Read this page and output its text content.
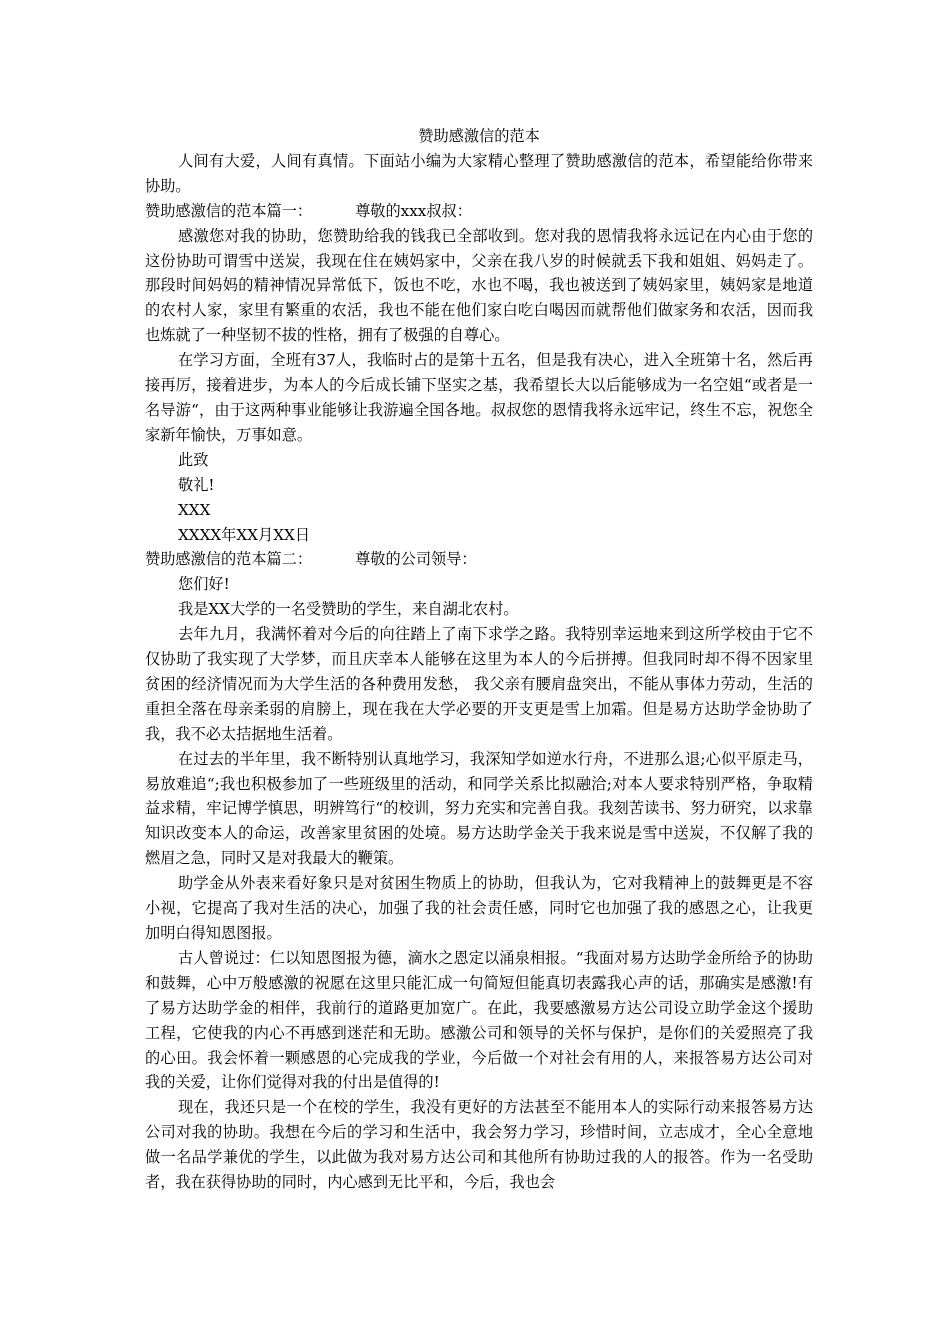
赞助感激信的范本

人间有大爱，人间有真情。下面站小编为大家精心整理了赞助感激信的范本，希望能给你带来协助。

赞助感激信的范本篇一：	尊敬的xxx叔叔：

感激您对我的协助，您赞助给我的钱我已全部收到。您对我的恩情我将永远记在内心由于您的这份协助可谓雪中送炭，我现在住在姨妈家中，父亲在我八岁的时候就丢下我和姐姐、妈妈走了。那段时间妈妈的精神情况异常低下，饭也不吃，水也不喝，我也被送到了姨妈家里，姨妈家是地道的农村人家，家里有繁重的农活，我也不能在他们家白吃白喝因而就帮他们做家务和农活，因而我也炼就了一种坚韧不拔的性格，拥有了极强的自尊心。

在学习方面，全班有37人，我临时占的是第十五名，但是我有决心，进入全班第十名，然后再接再厉，接着进步，为本人的今后成长铺下坚实之基，我希望长大以后能够成为一名空姐“或者是一名导游“，由于这两种事业能够让我游遍全国各地。叔叔您的恩情我将永远牢记，终生不忘，祝您全家新年愉快，万事如意。

此致

敬礼!

XXX

XXXX年XX月XX日

赞助感激信的范本篇二：	尊敬的公司领导：

您们好!

我是XX大学的一名受赞助的学生，来自湖北农村。

去年九月，我满怀着对今后的向往踏上了南下求学之路。我特别幸运地来到这所学校由于它不仅协助了我实现了大学梦，而且庆幸本人能够在这里为本人的今后拼搏。但我同时却不得不因家里贫困的经济情况而为大学生活的各种费用发愁， 我父亲有腰肩盘突出，不能从事体力劳动，生活的重担全落在母亲柔弱的肩膀上，现在我在大学必要的开支更是雪上加霜。但是易方达助学金协助了我，我不必太拮据地生活着。

在过去的半年里，我不断特别认真地学习，我深知学如逆水行舟，不进那么退;心似平原走马，易放难追“;我也积极参加了一些班级里的活动，和同学关系比拟融洽;对本人要求特别严格，争取精益求精，牢记博学慎思，明辨笃行“的校训，努力充实和完善自我。我刻苦读书、努力研究，以求靠知识改变本人的命运，改善家里贫困的处境。易方达助学金关于我来说是雪中送炭，不仅解了我的燃眉之急，同时又是对我最大的鞭策。

助学金从外表来看好象只是对贫困生物质上的协助，但我认为，它对我精神上的鼓舞更是不容小视，它提高了我对生活的决心，加强了我的社会责任感，同时它也加强了我的感恩之心，让我更加明白得知恩图报。

古人曾说过：仁以知恩图报为德，滴水之恩定以涌泉相报。“我面对易方达助学金所给予的协助和鼓舞，心中万般感激的祝愿在这里只能汇成一句简短但能真切表露我心声的话，那确实是感激!有了易方达助学金的相伴，我前行的道路更加宽广。在此，我要感激易方达公司设立助学金这个援助工程，它使我的内心不再感到迷茫和无助。感激公司和领导的关怀与保护，是你们的关爱照亮了我的心田。我会怀着一颗感恩的心完成我的学业，今后做一个对社会有用的人，来报答易方达公司对我的关爱，让你们觉得对我的付出是值得的!

现在，我还只是一个在校的学生，我没有更好的方法甚至不能用本人的实际行动来报答易方达公司对我的协助。我想在今后的学习和生活中，我会努力学习，珍惜时间，立志成才，全心全意地做一名品学兼优的学生，以此做为我对易方达公司和其他所有协助过我的人的报答。作为一名受助者，我在获得协助的同时，内心感到无比平和，今后，我也会
